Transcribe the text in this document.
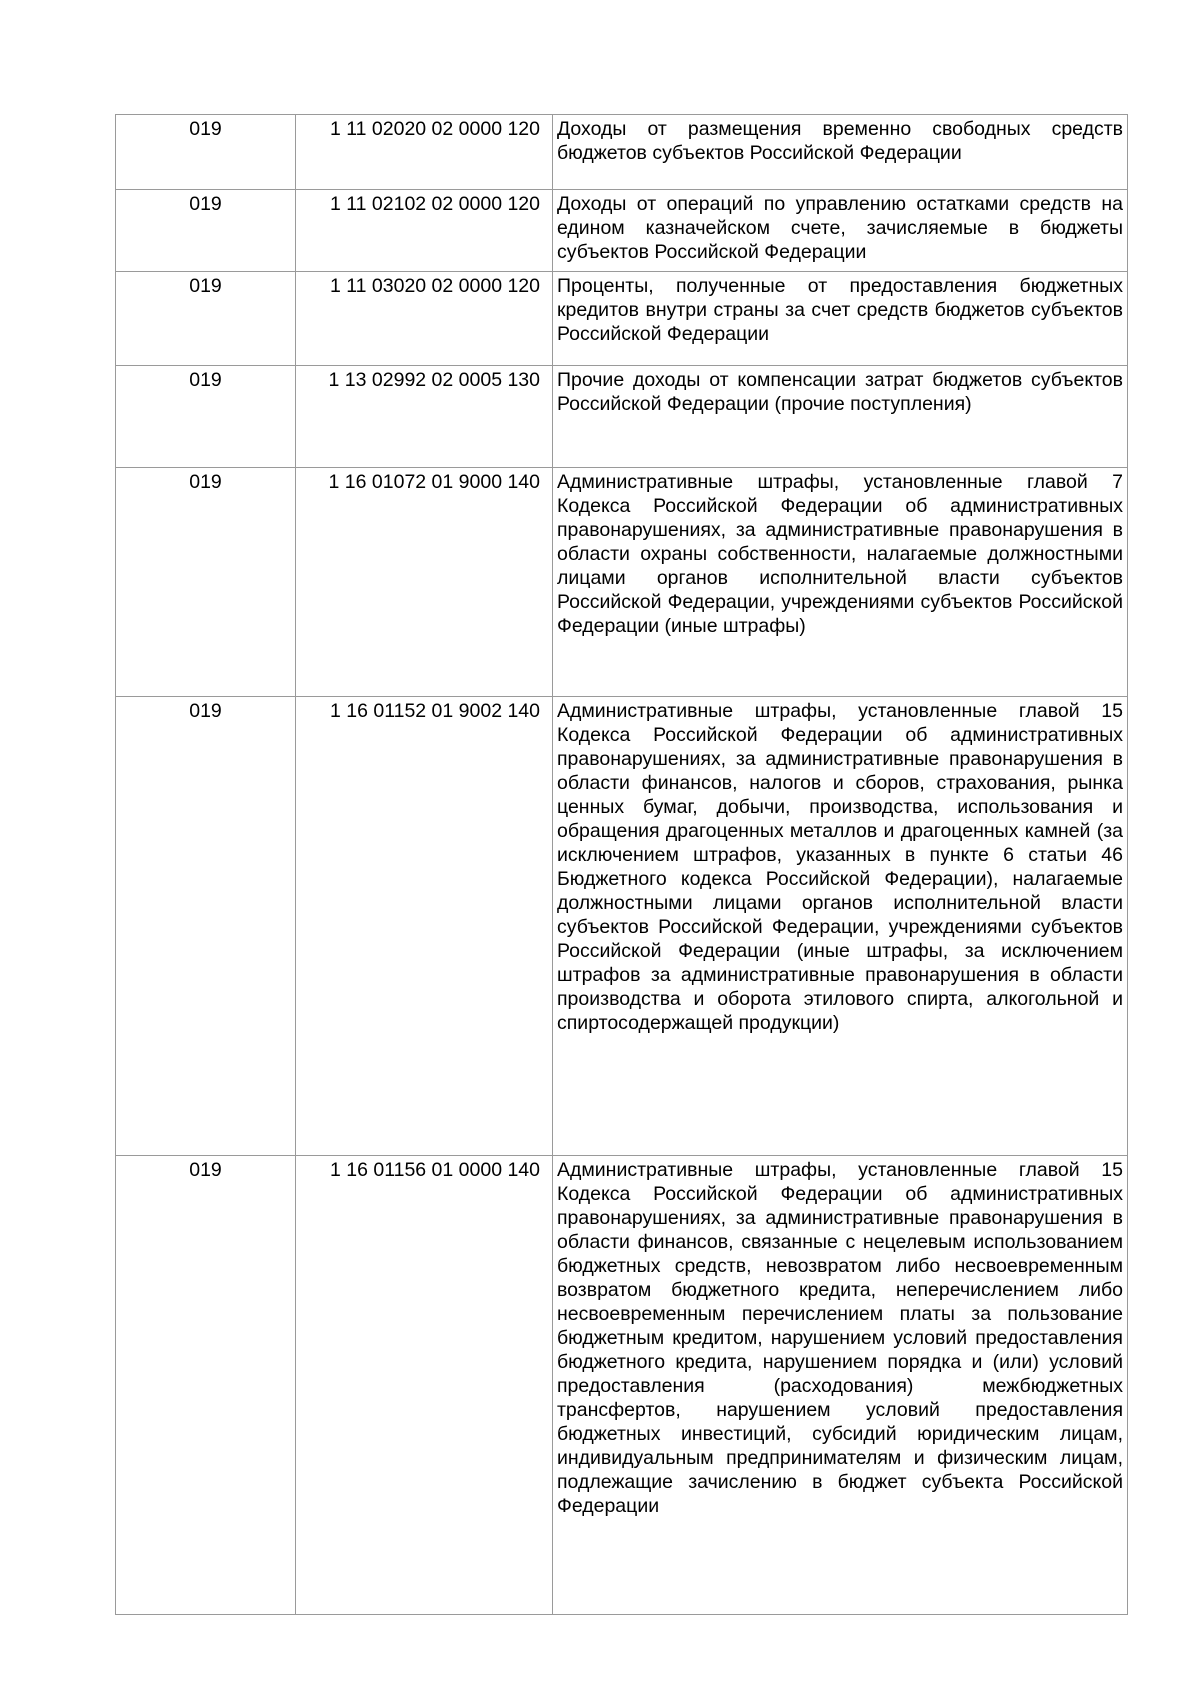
019	1 11 02020 02 0000 120	Доходы от размещения временно свободных средств бюджетов субъектов Российской Федерации
019	1 11 02102 02 0000 120	Доходы от операций по управлению остатками средств на едином казначейском счете, зачисляемые в бюджеты субъектов Российской Федерации
019	1 11 03020 02 0000 120	Проценты, полученные от предоставления бюджетных кредитов внутри страны за счет средств бюджетов субъектов Российской Федерации
019	1 13 02992 02 0005 130	Прочие доходы от компенсации затрат бюджетов субъектов Российской Федерации (прочие поступления)
019	1 16 01072 01 9000 140	Административные штрафы, установленные главой 7 Кодекса Российской Федерации об административных правонарушениях, за административные правонарушения в области охраны собственности, налагаемые должностными лицами органов исполнительной власти субъектов Российской Федерации, учреждениями субъектов Российской Федерации (иные штрафы)
019	1 16 01152 01 9002 140	Административные штрафы, установленные главой 15 Кодекса Российской Федерации об административных правонарушениях, за административные правонарушения в области финансов, налогов и сборов, страхования, рынка ценных бумаг, добычи, производства, использования и обращения драгоценных металлов и драгоценных камней (за исключением штрафов, указанных в пункте 6 статьи 46 Бюджетного кодекса Российской Федерации), налагаемые должностными лицами органов исполнительной власти субъектов Российской Федерации, учреждениями субъектов Российской Федерации (иные штрафы, за исключением штрафов за административные правонарушения в области производства и оборота этилового спирта, алкогольной и спиртосодержащей продукции)
019	1 16 01156 01 0000 140	Административные штрафы, установленные главой 15 Кодекса Российской Федерации об административных правонарушениях, за административные правонарушения в области финансов, связанные с нецелевым использованием бюджетных средств, невозвратом либо несвоевременным возвратом бюджетного кредита, неперечислением либо несвоевременным перечислением платы за пользование бюджетным кредитом, нарушением условий предоставления бюджетного кредита, нарушением порядка и (или) условий предоставления (расходования) межбюджетных трансфертов, нарушением условий предоставления бюджетных инвестиций, субсидий юридическим лицам, индивидуальным предпринимателям и физическим лицам, подлежащие зачислению в бюджет субъекта Российской Федерации
